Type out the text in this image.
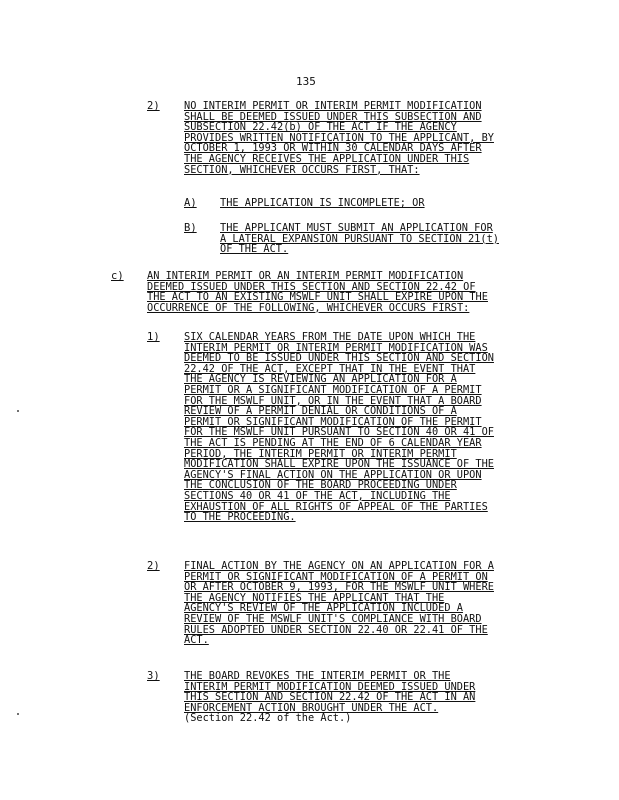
135
2) NO INTERIM PERMIT OR INTERIM PERMIT MODIFICATION
SHALL BE DEEMED ISSUED UNDER THIS SUBSECTION AND
SUBSECTION 22.42(b) OF THE ACT IF THE AGENCY
PROVIDES WRITTEN NOTIFICATION TO THE APPLICANT, BY
OCTOBER 1, 1993 OR WITHIN 30 CALENDAR DAYS AFTER
THE AGENCY RECEIVES THE APPLICATION UNDER THIS
SECTION, WHICHEVER OCCURS FIRST, THAT:
A) THE APPLICATION IS INCOMPLETE; OR
B) THE APPLICANT MUST SUBMIT AN APPLICATION FOR
A LATERAL EXPANSION PURSUANT TO SECTION 21(t)
OF THE ACT.
c) AN INTERIM PERMIT OR AN INTERIM PERMIT MODIFICATION
DEEMED ISSUED UNDER THIS SECTION AND SECTION 22.42 OF
THE ACT TO AN EXISTING MSWLF UNIT SHALL EXPIRE UPON THE
OCCURRENCE OF THE FOLLOWING, WHICHEVER OCCURS FIRST:
1) SIX CALENDAR YEARS FROM THE DATE UPON WHICH THE
INTERIM PERMIT OR INTERIM PERMIT MODIFICATION WAS
DEEMED TO BE ISSUED UNDER THIS SECTION AND SECTION
22.42 OF THE ACT, EXCEPT THAT IN THE EVENT THAT
THE AGENCY IS REVIEWING AN APPLICATION FOR A
PERMIT OR A SIGNIFICANT MODIFICATION OF A PERMIT
FOR THE MSWLF UNIT, OR IN THE EVENT THAT A BOARD
REVIEW OF A PERMIT DENIAL OR CONDITIONS OF A
PERMIT OR SIGNIFICANT MODIFICATION OF THE PERMIT
FOR THE MSWLF UNIT PURSUANT TO SECTION 40 OR 41 OF
THE ACT IS PENDING AT THE END OF 6 CALENDAR YEAR
PERIOD, THE INTERIM PERMIT OR INTERIM PERMIT
MODIFICATION SHALL EXPIRE UPON THE ISSUANCE OF THE
AGENCY'S FINAL ACTION ON THE APPLICATION OR UPON
THE CONCLUSION OF THE BOARD PROCEEDING UNDER
SECTIONS 40 OR 41 OF THE ACT, INCLUDING THE
EXHAUSTION OF ALL RIGHTS OF APPEAL OF THE PARTIES
TO THE PROCEEDING.
2) FINAL ACTION BY THE AGENCY ON AN APPLICATION FOR A
PERMIT OR SIGNIFICANT MODIFICATION OF A PERMIT ON
OR AFTER OCTOBER 9, 1993, FOR THE MSWLF UNIT WHERE
THE AGENCY NOTIFIES THE APPLICANT THAT THE
AGENCY'S REVIEW OF THE APPLICATION INCLUDED A
REVIEW OF THE MSWLF UNIT'S COMPLIANCE WITH BOARD
RULES ADOPTED UNDER SECTION 22.40 OR 22.41 OF THE
ACT.
3) THE BOARD REVOKES THE INTERIM PERMIT OR THE
INTERIM PERMIT MODIFICATION DEEMED ISSUED UNDER
THIS SECTION AND SECTION 22.42 OF THE ACT IN AN
ENFORCEMENT ACTION BROUGHT UNDER THE ACT.
(Section 22.42 of the Act.)
